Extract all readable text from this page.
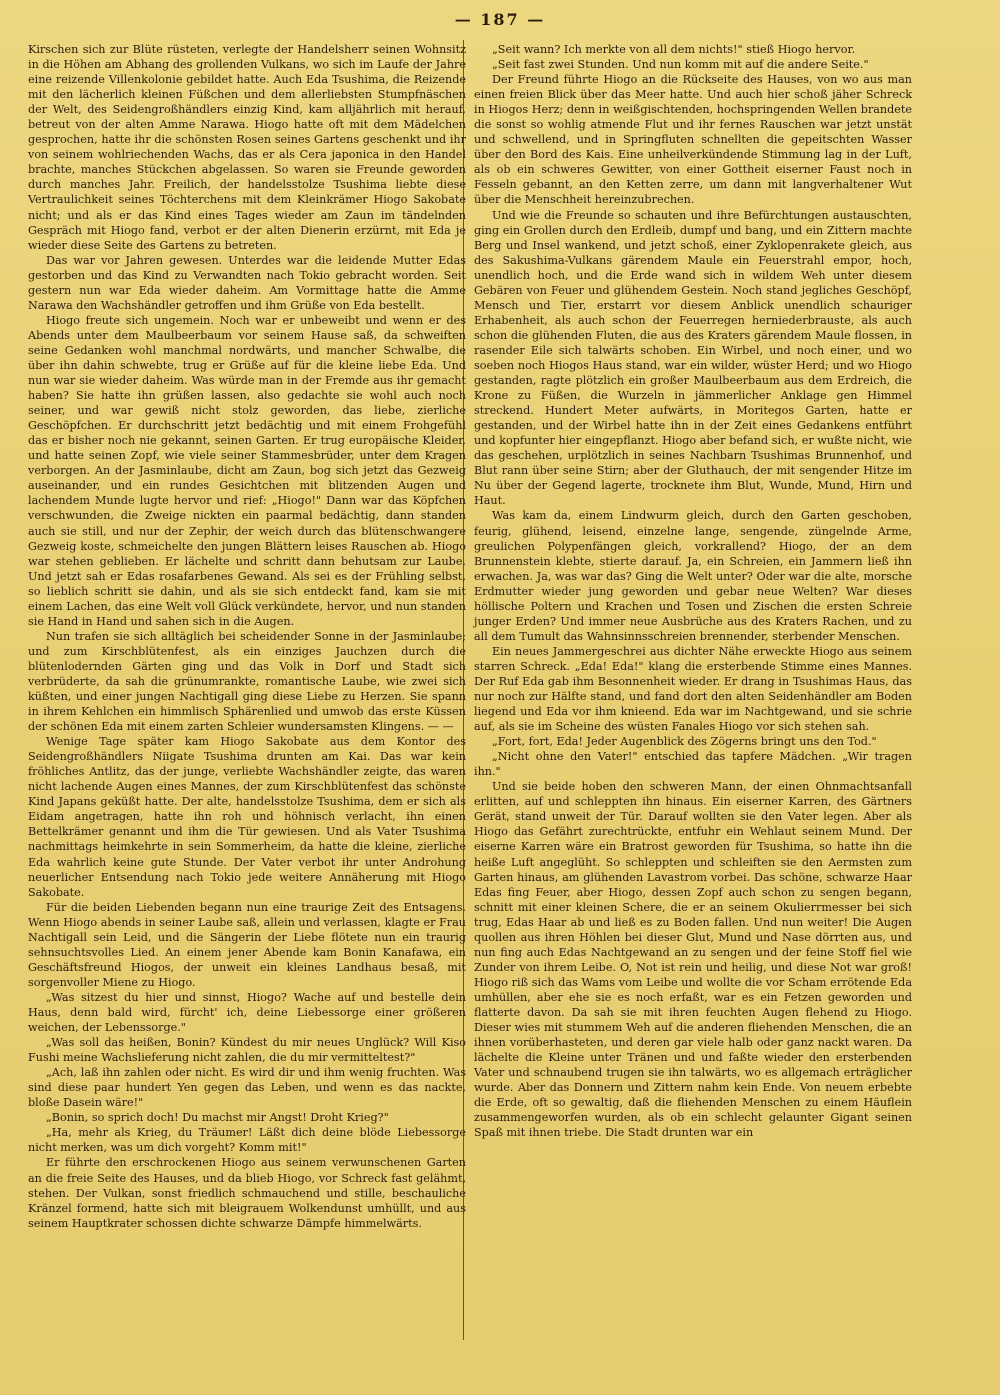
— 187 —

Kirschen sich zur Blüte rüsteten, verlegte der Handelsherr seinen Wohnsitz in die Höhen am Abhang des grollenden Vulkans, wo sich im Laufe der Jahre eine reizende Villenkolonie gebildet hatte. Auch Eda Tsushima, die Reizende mit den lächerlich kleinen Füßchen und dem allerliebsten Stumpfnäschen der Welt, des Seidengroßhändlers einzig Kind, kam alljährlich mit herauf, betreut von der alten Amme Narawa. Hiogo hatte oft mit dem Mädelchen gesprochen, hatte ihr die schönsten Rosen seines Gartens geschenkt und ihr von seinem wohlriechenden Wachs, das er als Cera japonica in den Handel brachte, manches Stückchen abgelassen. So waren sie Freunde geworden durch manches Jahr. Freilich, der handelsstolze Tsushima liebte diese Vertraulichkeit seines Töchterchens mit dem Kleinkrämer Hiogo Sakobate nicht; und als er das Kind eines Tages wieder am Zaun im tändelnden Gespräch mit Hiogo fand, verbot er der alten Dienerin erzürnt, mit Eda je wieder diese Seite des Gartens zu betreten.

Das war vor Jahren gewesen. Unterdes war die leidende Mutter Edas gestorben und das Kind zu Verwandten nach Tokio gebracht worden. Seit gestern nun war Eda wieder daheim. Am Vormittage hatte die Amme Narawa den Wachshändler getroffen und ihm Grüße von Eda bestellt.

Hiogo freute sich ungemein. Noch war er unbeweibt und wenn er des Abends unter dem Maulbeerbaum vor seinem Hause saß, da schweiften seine Gedanken wohl manchmal nordwärts, und mancher Schwalbe, die über ihn dahin schwebte, trug er Grüße auf für die kleine liebe Eda. Und nun war sie wieder daheim. Was würde man in der Fremde aus ihr gemacht haben? Sie hatte ihn grüßen lassen, also gedachte sie wohl auch noch seiner, und war gewiß nicht stolz geworden, das liebe, zierliche Geschöpfchen. Er durchschritt jetzt bedächtig und mit einem Frohgefühl das er bisher noch nie gekannt, seinen Garten. Er trug europäische Kleider, und hatte seinen Zopf, wie viele seiner Stammesbrüder, unter dem Kragen verborgen. An der Jasminlaube, dicht am Zaun, bog sich jetzt das Gezweig auseinander, und ein rundes Gesichtchen mit blitzenden Augen und lachendem Munde lugte hervor und rief: „Hiogo!" Dann war das Köpfchen verschwunden, die Zweige nickten ein paarmal bedächtig, dann standen auch sie still, und nur der Zephir, der weich durch das blütenschwangere Gezweig koste, schmeichelte den jungen Blättern leises Rauschen ab. Hiogo war stehen geblieben. Er lächelte und schritt dann behutsam zur Laube. Und jetzt sah er Edas rosafarbenes Gewand. Als sei es der Frühling selbst, so lieblich schritt sie dahin, und als sie sich entdeckt fand, kam sie mit einem Lachen, das eine Welt voll Glück verkündete, hervor, und nun standen sie Hand in Hand und sahen sich in die Augen.

Nun trafen sie sich alltäglich bei scheidender Sonne in der Jasminlaube; und zum Kirschblütenfest, als ein einziges Jauchzen durch die blütenlodernden Gärten ging und das Volk in Dorf und Stadt sich verbrüderte, da sah die grünumrankte, romantische Laube, wie zwei sich küßten, und einer jungen Nachtigall ging diese Liebe zu Herzen. Sie spann in ihrem Kehlchen ein himmlisch Sphärenlied und umwob das erste Küssen der schönen Eda mit einem zarten Schleier wundersamsten Klingens. — —

Wenige Tage später kam Hiogo Sakobate aus dem Kontor des Seidengroßhändlers Niigate Tsushima drunten am Kai. Das war kein fröhliches Antlitz, das der junge, verliebte Wachshändler zeigte, das waren nicht lachende Augen eines Mannes, der zum Kirschblütenfest das schönste Kind Japans geküßt hatte. Der alte, handelsstolze Tsushima, dem er sich als Eidam angetragen, hatte ihn roh und höhnisch verlacht, ihn einen Bettelkrämer genannt und ihm die Tür gewiesen. Und als Vater Tsushima nachmittags heimkehrte in sein Sommerheim, da hatte die kleine, zierliche Eda wahrlich keine gute Stunde. Der Vater verbot ihr unter Androhung neuerlicher Entsendung nach Tokio jede weitere Annäherung mit Hiogo Sakobate.

Für die beiden Liebenden begann nun eine traurige Zeit des Entsagens. Wenn Hiogo abends in seiner Laube saß, allein und verlassen, klagte er Frau Nachtigall sein Leid, und die Sängerin der Liebe flötete nun ein traurig sehnsuchtsvolles Lied. An einem jener Abende kam Bonin Kanafawa, ein Geschäftsfreund Hiogos, der unweit ein kleines Landhaus besaß, mit sorgenvoller Miene zu Hiogo.

„Was sitzest du hier und sinnst, Hiogo? Wache auf und bestelle dein Haus, denn bald wird, fürcht' ich, deine Liebessorge einer größeren weichen, der Lebenssorge."

„Was soll das heißen, Bonin? Kündest du mir neues Unglück? Will Kiso Fushi meine Wachslieferung nicht zahlen, die du mir vermitteltest?"

„Ach, laß ihn zahlen oder nicht. Es wird dir und ihm wenig fruchten. Was sind diese paar hundert Yen gegen das Leben, und wenn es das nackte, bloße Dasein wäre!"

„Bonin, so sprich doch! Du machst mir Angst! Droht Krieg?"

„Ha, mehr als Krieg, du Träumer! Läßt dich deine blöde Liebessorge nicht merken, was um dich vorgeht? Komm mit!"

Er führte den erschrockenen Hiogo aus seinem verwunschenen Garten an die freie Seite des Hauses, und da blieb Hiogo, vor Schreck fast gelähmt, stehen. Der Vulkan, sonst friedlich schmauchend und stille, beschauliche Kränzel formend, hatte sich mit bleigrauem Wolkendunst umhüllt, und aus seinem Hauptkrater schossen dichte schwarze Dämpfe himmelwärts.

„Seit wann? Ich merkte von all dem nichts!" stieß Hiogo hervor.

„Seit fast zwei Stunden. Und nun komm mit auf die andere Seite."

Der Freund führte Hiogo an die Rückseite des Hauses, von wo aus man einen freien Blick über das Meer hatte. Und auch hier schoß jäher Schreck in Hiogos Herz; denn in weißgischtenden, hochspringenden Wellen brandete die sonst so wohlig atmende Flut und ihr fernes Rauschen war jetzt unstät und schwellend, und in Springfluten schnellten die gepeitschten Wasser über den Bord des Kais. Eine unheilverkündende Stimmung lag in der Luft, als ob ein schweres Gewitter, von einer Gottheit eiserner Faust noch in Fesseln gebannt, an den Ketten zerre, um dann mit langverhaltener Wut über die Menschheit hereinzubrechen.

Und wie die Freunde so schauten und ihre Befürchtungen austauschten, ging ein Grollen durch den Erdleib, dumpf und bang, und ein Zittern machte Berg und Insel wankend, und jetzt schoß, einer Zyklopenrakete gleich, aus des Sakushima-Vulkans gärendem Maule ein Feuerstrahl empor, hoch, unendlich hoch, und die Erde wand sich in wildem Weh unter diesem Gebären von Feuer und glühendem Gestein. Noch stand jegliches Geschöpf, Mensch und Tier, erstarrt vor diesem Anblick unendlich schauriger Erhabenheit, als auch schon der Feuerregen herniederbrauste, als auch schon die glühenden Fluten, die aus des Kraters gärendem Maule flossen, in rasender Eile sich talwärts schoben. Ein Wirbel, und noch einer, und wo soeben noch Hiogos Haus stand, war ein wilder, wüster Herd; und wo Hiogo gestanden, ragte plötzlich ein großer Maulbeerbaum aus dem Erdreich, die Krone zu Füßen, die Wurzeln in jämmerlicher Anklage gen Himmel streckend. Hundert Meter aufwärts, in Moritegos Garten, hatte er gestanden, und der Wirbel hatte ihn in der Zeit eines Gedankens entführt und kopfunter hier eingepflanzt. Hiogo aber befand sich, er wußte nicht, wie das geschehen, urplötzlich in seines Nachbarn Tsushimas Brunnenhof, und Blut rann über seine Stirn; aber der Gluthauch, der mit sengender Hitze im Nu über der Gegend lagerte, trocknete ihm Blut, Wunde, Mund, Hirn und Haut.

Was kam da, einem Lindwurm gleich, durch den Garten geschoben, feurig, glühend, leisend, einzelne lange, sengende, züngelnde Arme, greulichen Polypenfängen gleich, vorkrallend? Hiogo, der an dem Brunnenstein klebte, stierte darauf. Ja, ein Schreien, ein Jammern ließ ihn erwachen. Ja, was war das? Ging die Welt unter? Oder war die alte, morsche Erdmutter wieder jung geworden und gebar neue Welten? War dieses höllische Poltern und Krachen und Tosen und Zischen die ersten Schreie junger Erden? Und immer neue Ausbrüche aus des Kraters Rachen, und zu all dem Tumult das Wahnsinnsschreien brennender, sterbender Menschen.

Ein neues Jammergeschrei aus dichter Nähe erweckte Hiogo aus seinem starren Schreck. „Eda! Eda!" klang die ersterbende Stimme eines Mannes. Der Ruf Eda gab ihm Besonnenheit wieder. Er drang in Tsushimas Haus, das nur noch zur Hälfte stand, und fand dort den alten Seidenhändler am Boden liegend und Eda vor ihm knieend. Eda war im Nachtgewand, und sie schrie auf, als sie im Scheine des wüsten Fanales Hiogo vor sich stehen sah.

„Fort, fort, Eda! Jeder Augenblick des Zögerns bringt uns den Tod."

„Nicht ohne den Vater!" entschied das tapfere Mädchen. „Wir tragen ihn."

Und sie beide hoben den schweren Mann, der einen Ohnmachtsanfall erlitten, auf und schleppten ihn hinaus. Ein eiserner Karren, des Gärtners Gerät, stand unweit der Tür. Darauf wollten sie den Vater legen. Aber als Hiogo das Gefährt zurechtrückte, entfuhr ein Wehlaut seinem Mund. Der eiserne Karren wäre ein Bratrost geworden für Tsushima, so hatte ihn die heiße Luft angeglüht. So schleppten und schleiften sie den Aermsten zum Garten hinaus, am glühenden Lavastrom vorbei. Das schöne, schwarze Haar Edas fing Feuer, aber Hiogo, dessen Zopf auch schon zu sengen begann, schnitt mit einer kleinen Schere, die er an seinem Okulierrmesser bei sich trug, Edas Haar ab und ließ es zu Boden fallen. Und nun weiter! Die Augen quollen aus ihren Höhlen bei dieser Glut, Mund und Nase dörrten aus, und nun fing auch Edas Nachtgewand an zu sengen und der feine Stoff fiel wie Zunder von ihrem Leibe. O, Not ist rein und heilig, und diese Not war groß! Hiogo riß sich das Wams vom Leibe und wollte die vor Scham errötende Eda umhüllen, aber ehe sie es noch erfaßt, war es ein Fetzen geworden und flatterte davon. Da sah sie mit ihren feuchten Augen flehend zu Hiogo. Dieser wies mit stummem Weh auf die anderen fliehenden Menschen, die an ihnen vorüberhasteten, und deren gar viele halb oder ganz nackt waren. Da lächelte die Kleine unter Tränen und und faßte wieder den ersterbenden Vater und schnaubend trugen sie ihn talwärts, wo es allgemach erträglicher wurde. Aber das Donnern und Zittern nahm kein Ende. Von neuem erbebte die Erde, oft so gewaltig, daß die fliehenden Menschen zu einem Häuflein zusammengeworfen wurden, als ob ein schlecht gelaunter Gigant seinen Spaß mit ihnen triebe. Die Stadt drunten war ein
